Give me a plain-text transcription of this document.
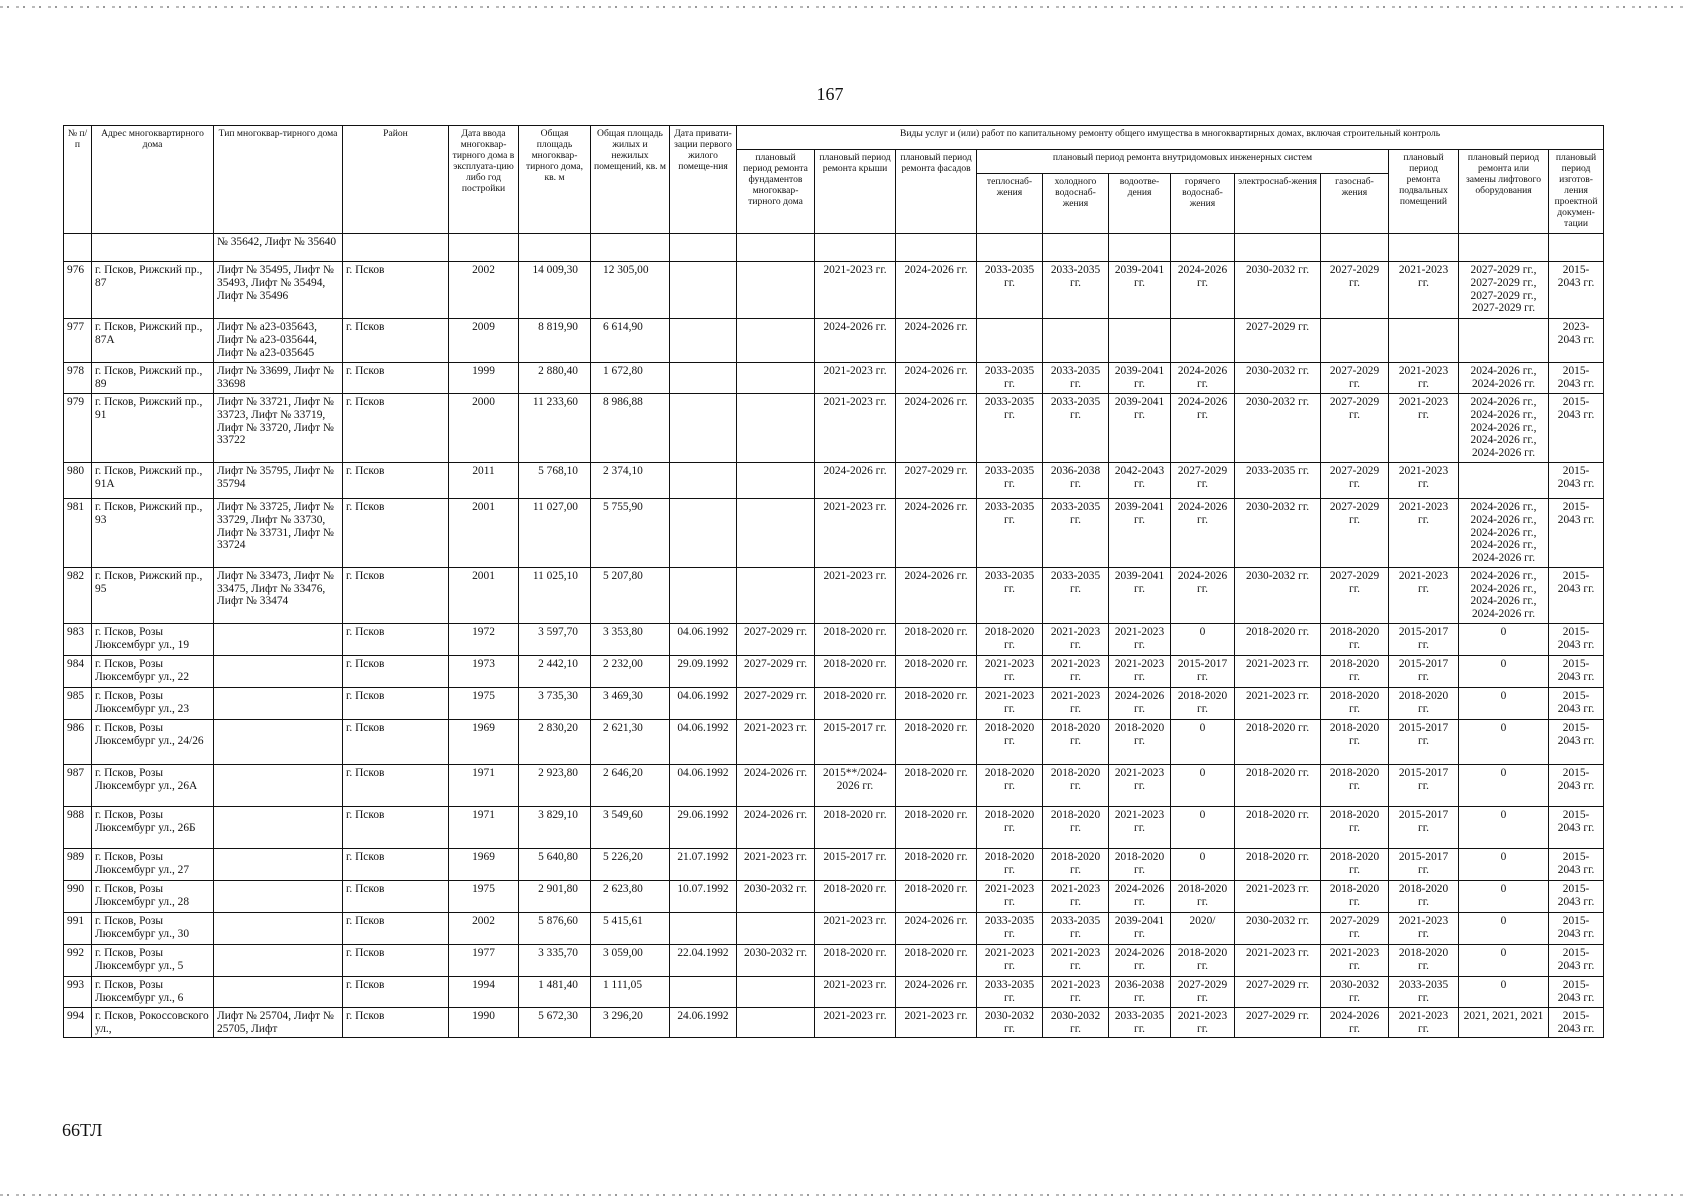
167
№ п/п	Адрес многоквартирного дома	Тип многоквар-тирного дома	Район	Дата ввода многоквар-тирного дома в эксплуата-цию либо год постройки	Общая площадь многоквар-тирного дома, кв. м	Общая площадь жилых и нежилых помещений, кв. м	Дата привати-зации первого жилого помеще-ния	Виды услуг и (или) работ по капитальному ремонту общего имущества в многоквартирных домах, включая строительный контроль											
								плановый период ремонта фундаментов многоквар-тирного дома	плановый период ремонта крыши	плановый период ремонта фасадов	плановый период ремонта внутридомовых инженерных систем						плановый период ремонта подвальных помещений	плановый период ремонта или замены лифтового оборудования	плановый период изготов-ления проектной докумен-тации
											теплоснаб-жения	холодного водоснаб-жения	водоотве-дения	горячего водоснаб-жения	электроснаб-жения	газоснаб-жения			
		№ 35642, Лифт № 35640																	
976	г. Псков, Рижский пр., 87	Лифт № 35495, Лифт № 35493, Лифт № 35494, Лифт № 35496	г. Псков	2002	14 009,30	12 305,00			2021-2023 гг.	2024-2026 гг.	2033-2035 гг.	2033-2035 гг.	2039-2041 гг.	2024-2026 гг.	2030-2032 гг.	2027-2029 гг.	2021-2023 гг.	2027-2029 гг., 2027-2029 гг., 2027-2029 гг., 2027-2029 гг.	2015-2043 гг.
977	г. Псков, Рижский пр., 87А	Лифт № а23-035643, Лифт № а23-035644, Лифт № а23-035645	г. Псков	2009	8 819,90	6 614,90			2024-2026 гг.	2024-2026 гг.					2027-2029 гг.				2023-2043 гг.
978	г. Псков, Рижский пр., 89	Лифт № 33699, Лифт № 33698	г. Псков	1999	2 880,40	1 672,80			2021-2023 гг.	2024-2026 гг.	2033-2035 гг.	2033-2035 гг.	2039-2041 гг.	2024-2026 гг.	2030-2032 гг.	2027-2029 гг.	2021-2023 гг.	2024-2026 гг., 2024-2026 гг.	2015-2043 гг.
979	г. Псков, Рижский пр., 91	Лифт № 33721, Лифт № 33723, Лифт № 33719, Лифт № 33720, Лифт № 33722	г. Псков	2000	11 233,60	8 986,88			2021-2023 гг.	2024-2026 гг.	2033-2035 гг.	2033-2035 гг.	2039-2041 гг.	2024-2026 гг.	2030-2032 гг.	2027-2029 гг.	2021-2023 гг.	2024-2026 гг., 2024-2026 гг., 2024-2026 гг., 2024-2026 гг., 2024-2026 гг.	2015-2043 гг.
980	г. Псков, Рижский пр., 91А	Лифт № 35795, Лифт № 35794	г. Псков	2011	5 768,10	2 374,10			2024-2026 гг.	2027-2029 гг.	2033-2035 гг.	2036-2038 гг.	2042-2043 гг.	2027-2029 гг.	2033-2035 гг.	2027-2029 гг.	2021-2023 гг.		2015-2043 гг.
981	г. Псков, Рижский пр., 93	Лифт № 33725, Лифт № 33729, Лифт № 33730, Лифт № 33731, Лифт № 33724	г. Псков	2001	11 027,00	5 755,90			2021-2023 гг.	2024-2026 гг.	2033-2035 гг.	2033-2035 гг.	2039-2041 гг.	2024-2026 гг.	2030-2032 гг.	2027-2029 гг.	2021-2023 гг.	2024-2026 гг., 2024-2026 гг., 2024-2026 гг., 2024-2026 гг., 2024-2026 гг.	2015-2043 гг.
982	г. Псков, Рижский пр., 95	Лифт № 33473, Лифт № 33475, Лифт № 33476, Лифт № 33474	г. Псков	2001	11 025,10	5 207,80			2021-2023 гг.	2024-2026 гг.	2033-2035 гг.	2033-2035 гг.	2039-2041 гг.	2024-2026 гг.	2030-2032 гг.	2027-2029 гг.	2021-2023 гг.	2024-2026 гг., 2024-2026 гг., 2024-2026 гг., 2024-2026 гг.	2015-2043 гг.
983	г. Псков, Розы Люксембург ул., 19		г. Псков	1972	3 597,70	3 353,80	04.06.1992	2027-2029 гг.	2018-2020 гг.	2018-2020 гг.	2018-2020 гг.	2021-2023 гг.	2021-2023 гг.	0	2018-2020 гг.	2018-2020 гг.	2015-2017 гг.	0	2015-2043 гг.
984	г. Псков, Розы Люксембург ул., 22		г. Псков	1973	2 442,10	2 232,00	29.09.1992	2027-2029 гг.	2018-2020 гг.	2018-2020 гг.	2021-2023 гг.	2021-2023 гг.	2021-2023 гг.	2015-2017 гг.	2021-2023 гг.	2018-2020 гг.	2015-2017 гг.	0	2015-2043 гг.
985	г. Псков, Розы Люксембург ул., 23		г. Псков	1975	3 735,30	3 469,30	04.06.1992	2027-2029 гг.	2018-2020 гг.	2018-2020 гг.	2021-2023 гг.	2021-2023 гг.	2024-2026 гг.	2018-2020 гг.	2021-2023 гг.	2018-2020 гг.	2018-2020 гг.	0	2015-2043 гг.
986	г. Псков, Розы Люксембург ул., 24/26		г. Псков	1969	2 830,20	2 621,30	04.06.1992	2021-2023 гг.	2015-2017 гг.	2018-2020 гг.	2018-2020 гг.	2018-2020 гг.	2018-2020 гг.	0	2018-2020 гг.	2018-2020 гг.	2015-2017 гг.	0	2015-2043 гг.
987	г. Псков, Розы Люксембург ул., 26А		г. Псков	1971	2 923,80	2 646,20	04.06.1992	2024-2026 гг.	2015**/2024-2026 гг.	2018-2020 гг.	2018-2020 гг.	2018-2020 гг.	2021-2023 гг.	0	2018-2020 гг.	2018-2020 гг.	2015-2017 гг.	0	2015-2043 гг.
988	г. Псков, Розы Люксембург ул., 26Б		г. Псков	1971	3 829,10	3 549,60	29.06.1992	2024-2026 гг.	2018-2020 гг.	2018-2020 гг.	2018-2020 гг.	2018-2020 гг.	2021-2023 гг.	0	2018-2020 гг.	2018-2020 гг.	2015-2017 гг.	0	2015-2043 гг.
989	г. Псков, Розы Люксембург ул., 27		г. Псков	1969	5 640,80	5 226,20	21.07.1992	2021-2023 гг.	2015-2017 гг.	2018-2020 гг.	2018-2020 гг.	2018-2020 гг.	2018-2020 гг.	0	2018-2020 гг.	2018-2020 гг.	2015-2017 гг.	0	2015-2043 гг.
990	г. Псков, Розы Люксембург ул., 28		г. Псков	1975	2 901,80	2 623,80	10.07.1992	2030-2032 гг.	2018-2020 гг.	2018-2020 гг.	2021-2023 гг.	2021-2023 гг.	2024-2026 гг.	2018-2020 гг.	2021-2023 гг.	2018-2020 гг.	2018-2020 гг.	0	2015-2043 гг.
991	г. Псков, Розы Люксембург ул., 30		г. Псков	2002	5 876,60	5 415,61			2021-2023 гг.	2024-2026 гг.	2033-2035 гг.	2033-2035 гг.	2039-2041 гг.	2020/	2030-2032 гг.	2027-2029 гг.	2021-2023 гг.	0	2015-2043 гг.
992	г. Псков, Розы Люксембург ул., 5		г. Псков	1977	3 335,70	3 059,00	22.04.1992	2030-2032 гг.	2018-2020 гг.	2018-2020 гг.	2021-2023 гг.	2021-2023 гг.	2024-2026 гг.	2018-2020 гг.	2021-2023 гг.	2021-2023 гг.	2018-2020 гг.	0	2015-2043 гг.
993	г. Псков, Розы Люксембург ул., 6		г. Псков	1994	1 481,40	1 111,05			2021-2023 гг.	2024-2026 гг.	2033-2035 гг.	2021-2023 гг.	2036-2038 гг.	2027-2029 гг.	2027-2029 гг.	2030-2032 гг.	2033-2035 гг.	0	2015-2043 гг.
994	г. Псков, Рокоссовского ул.,	Лифт № 25704, Лифт № 25705, Лифт	г. Псков	1990	5 672,30	3 296,20	24.06.1992		2021-2023 гг.	2021-2023 гг.	2030-2032 гг.	2030-2032 гг.	2033-2035 гг.	2021-2023 гг.	2027-2029 гг.	2024-2026 гг.	2021-2023 гг.	2021, 2021, 2021	2015-2043 гг.
66ТЛ
